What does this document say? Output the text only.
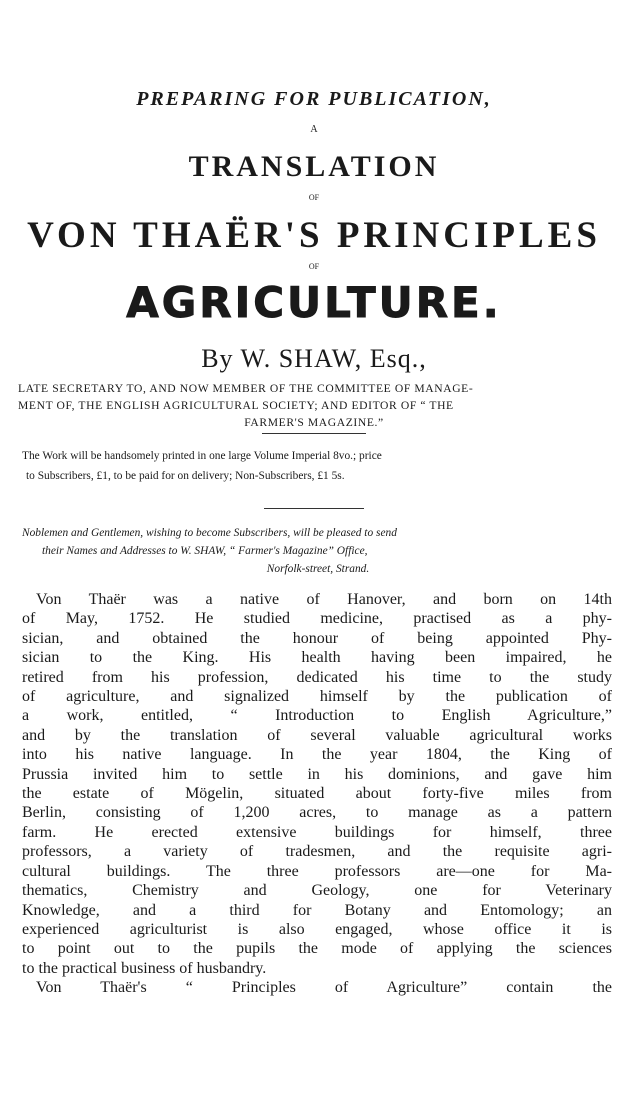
PREPARING FOR PUBLICATION,
A
TRANSLATION
OF
VON THAËR'S PRINCIPLES
OF
AGRICULTURE.
By W. SHAW, Esq.,
LATE SECRETARY TO, AND NOW MEMBER OF THE COMMITTEE OF MANAGE-
MENT OF, THE ENGLISH AGRICULTURAL SOCIETY; AND EDITOR OF “ THE
FARMER'S MAGAZINE.”
The Work will be handsomely printed in one large Volume Imperial 8vo.; price
to Subscribers, £1, to be paid for on delivery; Non-Subscribers, £1 5s.
Noblemen and Gentlemen, wishing to become Subscribers, will be pleased to send
their Names and Addresses to W. SHAW, “ Farmer's Magazine” Office,
Norfolk-street, Strand.
Von Thaër was a native of Hanover, and born on 14th
of May, 1752. He studied medicine, practised as a phy-
sician, and obtained the honour of being appointed Phy-
sician to the King. His health having been impaired, he
retired from his profession, dedicated his time to the study
of agriculture, and signalized himself by the publication of
a work, entitled, “ Introduction to English Agriculture,”
and by the translation of several valuable agricultural works
into his native language. In the year 1804, the King of
Prussia invited him to settle in his dominions, and gave him
the estate of Mögelin, situated about forty-five miles from
Berlin, consisting of 1,200 acres, to manage as a pattern
farm. He erected extensive buildings for himself, three
professors, a variety of tradesmen, and the requisite agri-
cultural buildings. The three professors are—one for Ma-
thematics, Chemistry and Geology, one for Veterinary
Knowledge, and a third for Botany and Entomology; an
experienced agriculturist is also engaged, whose office it is
to point out to the pupils the mode of applying the sciences
to the practical business of husbandry.
Von Thaër's “ Principles of Agriculture” contain the
